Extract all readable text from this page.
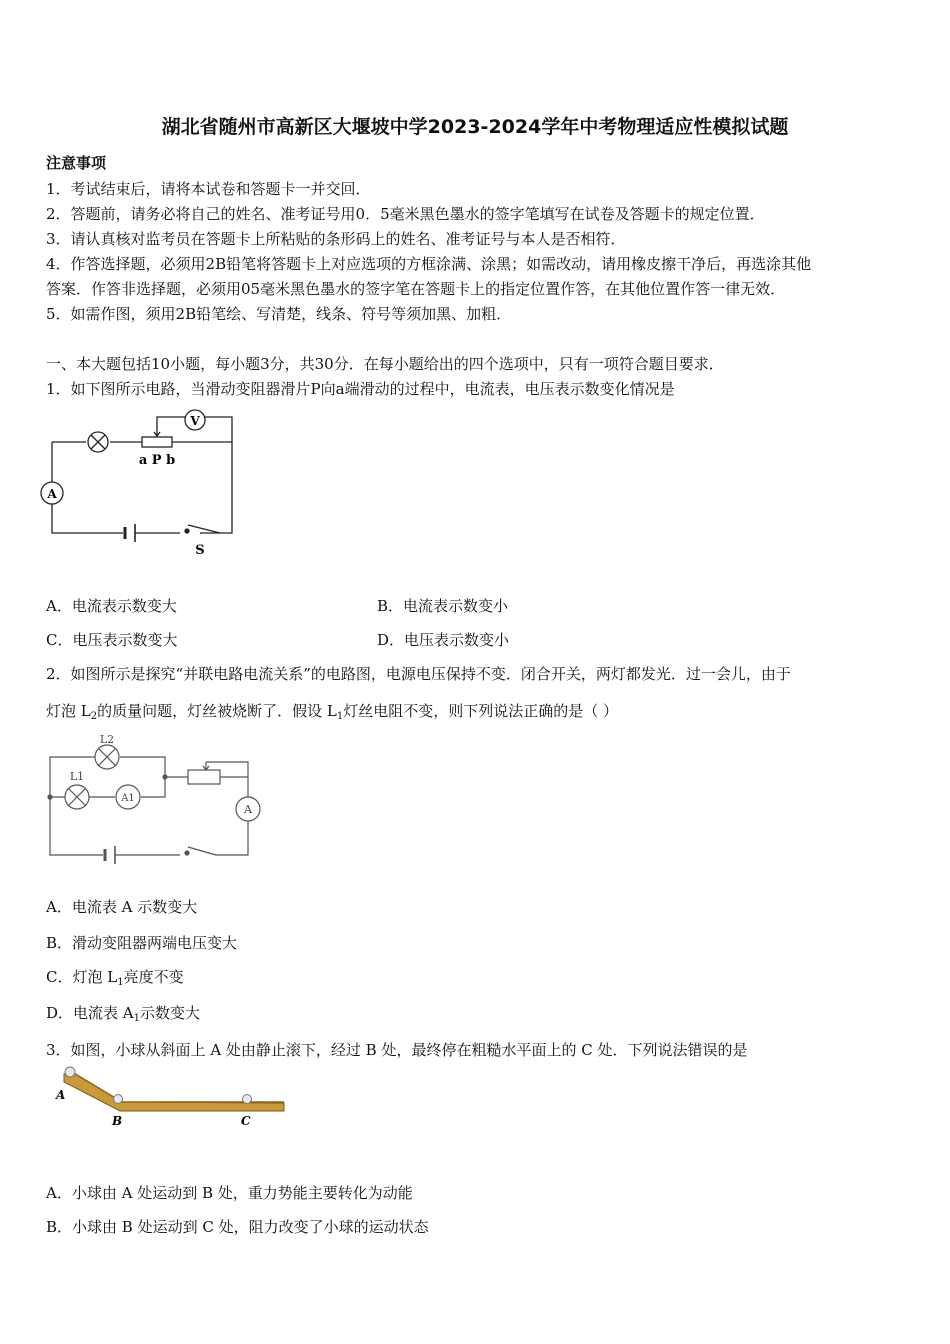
湖北省随州市高新区大堰坡中学2023-2024学年中考物理适应性模拟试题
注意事项
1．考试结束后，请将本试卷和答题卡一并交回．
2．答题前，请务必将自己的姓名、准考证号用0．5毫米黑色墨水的签字笔填写在试卷及答题卡的规定位置．
3．请认真核对监考员在答题卡上所粘贴的条形码上的姓名、准考证号与本人是否相符．
4．作答选择题，必须用2B铅笔将答题卡上对应选项的方框涂满、涂黑；如需改动，请用橡皮擦干净后，再选涂其他
答案．作答非选择题，必须用05毫米黑色墨水的签字笔在答题卡上的指定位置作答，在其他位置作答一律无效．
5．如需作图，须用2B铅笔绘、写清楚，线条、符号等须加黑、加粗．
一、本大题包括10小题，每小题3分，共30分．在每小题给出的四个选项中，只有一项符合题目要求．
1．如下图所示电路，当滑动变阻器滑片P向a端滑动的过程中，电流表，电压表示数变化情况是
V
A
a P b
S
A．电流表示数变大	B．电流表示数变小
C．电压表示数变大	D．电压表示数变小
2．如图所示是探究“并联电路电流关系”的电路图，电源电压保持不变．闭合开关，两灯都发光．过一会儿，由于
灯泡 $L_2$的质量问题，灯丝被烧断了．假设 $L_1$灯丝电阻不变，则下列说法正确的是（ ）
L2
L1
A1
A
A．电流表 A 示数变大
B．滑动变阻器两端电压变大
C．灯泡 $L_1$亮度不变
D．电流表 $A_1$示数变大
3．如图，小球从斜面上 A 处由静止滚下，经过 B 处，最终停在粗糙水平面上的 C 处．下列说法错误的是
A
B	C
A．小球由 A 处运动到 B 处，重力势能主要转化为动能
B．小球由 B 处运动到 C 处，阻力改变了小球的运动状态
